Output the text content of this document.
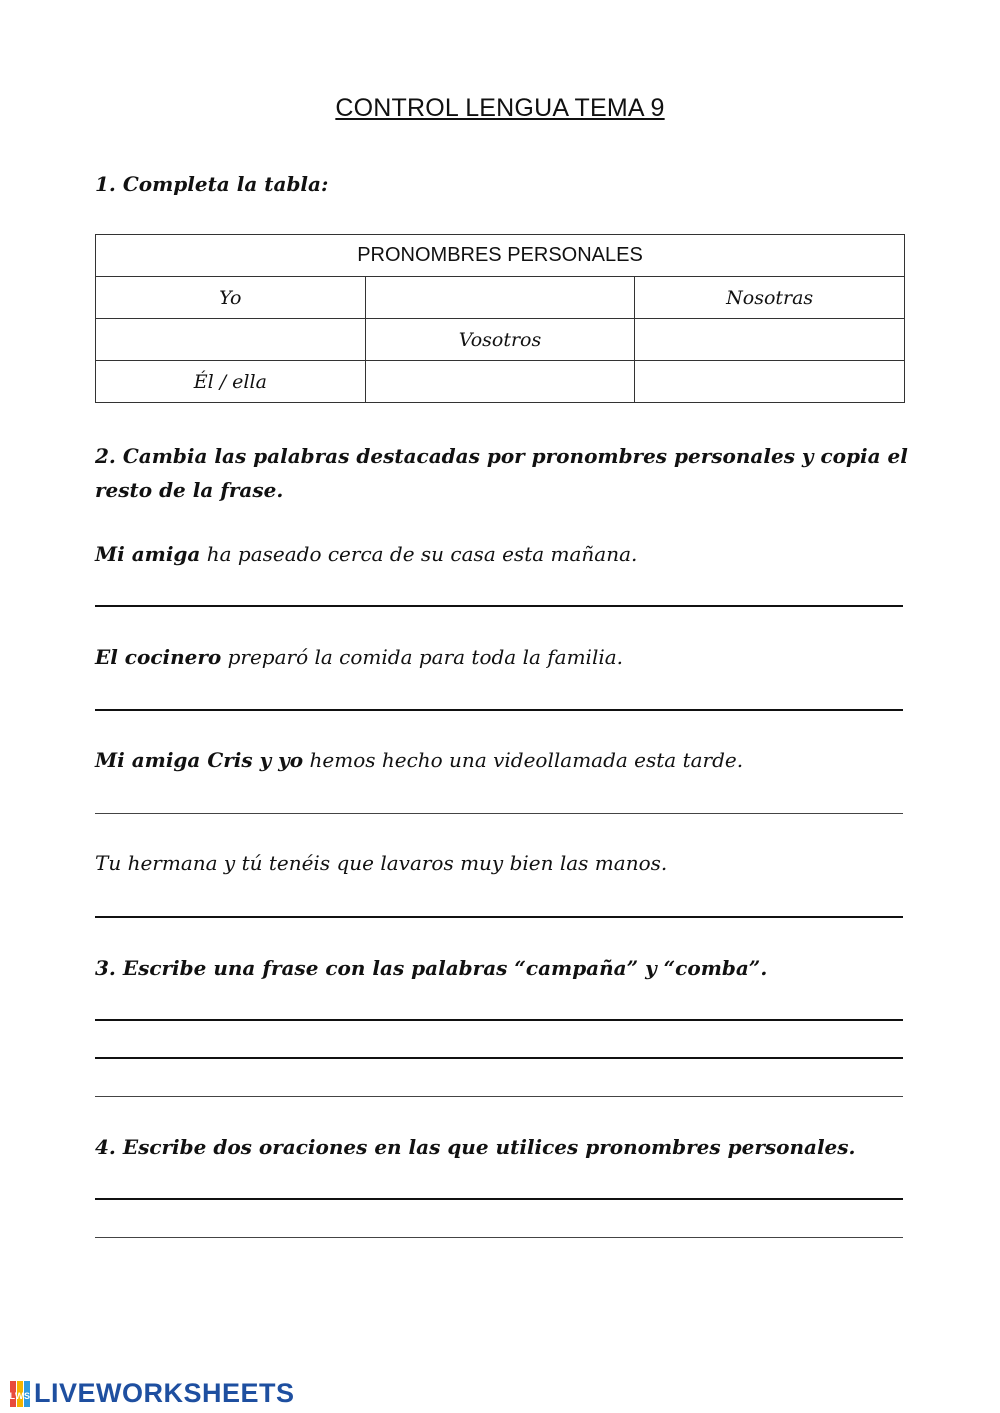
CONTROL LENGUA TEMA 9
1. Completa la tabla:
PRONOMBRES PERSONALES		
Yo		Nosotras
	Vosotros	
Él / ella		
2. Cambia las palabras destacadas por pronombres personales y copia el
resto de la frase.
Mi amiga ha paseado cerca de su casa esta mañana.
El cocinero preparó la comida para toda la familia.
Mi amiga Cris y yo hemos hecho una videollamada esta tarde.
Tu hermana y tú tenéis que lavaros muy bien las manos.
3. Escribe una frase con las palabras “campaña” y “comba”.
4. Escribe dos oraciones en las que utilices pronombres personales.
LWS LIVEWORKSHEETS
